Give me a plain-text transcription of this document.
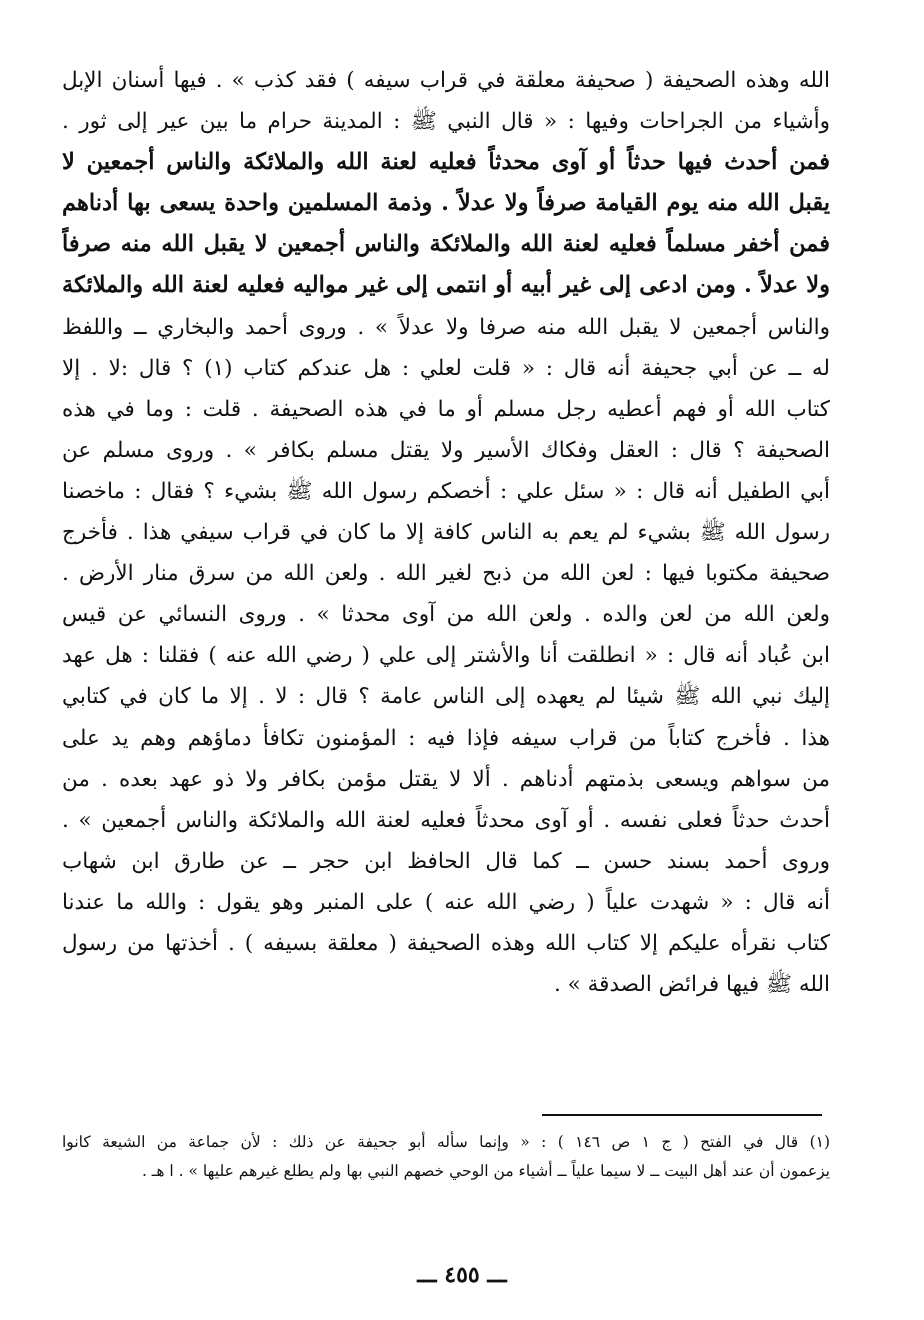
الله وهذه الصحيفة ( صحيفة معلقة في قراب سيفه ) فقد كذب » . فيها أسنان الإبل
وأشياء من الجراحات وفيها : « قال النبي ﷺ : المدينة حرام ما بين عير إلى ثور .
فمن أحدث فيها حدثاً أو آوى محدثاً فعليه لعنة الله والملائكة والناس أجمعين لا
يقبل الله منه يوم القيامة صرفاً ولا عدلاً . وذمة المسلمين واحدة يسعى بها أدناهم
فمن أخفر مسلماً فعليه لعنة الله والملائكة والناس أجمعين لا يقبل الله منه صرفاً
ولا عدلاً . ومن ادعى إلى غير أبيه أو انتمى إلى غير مواليه فعليه لعنة الله والملائكة
والناس أجمعين لا يقبل الله منه صرفا ولا عدلاً » . وروى أحمد والبخاري ــ واللفظ
له ــ عن أبي جحيفة أنه قال : « قلت لعلي : هل عندكم كتاب (١) ؟ قال :لا . إلا
كتاب الله أو فهم أعطيه رجل مسلم أو ما في هذه الصحيفة . قلت : وما في هذه
الصحيفة ؟ قال : العقل وفكاك الأسير ولا يقتل مسلم بكافر » . وروى مسلم عن
أبي الطفيل أنه قال : « سئل علي : أخصكم رسول الله ﷺ بشيء ؟ فقال : ماخصنا
رسول الله ﷺ بشيء لم يعم به الناس كافة إلا ما كان في قراب سيفي هذا . فأخرج
صحيفة مكتوبا فيها : لعن الله من ذبح لغير الله . ولعن الله من سرق منار الأرض .
ولعن الله من لعن والده . ولعن الله من آوى محدثا » . وروى النسائي عن قيس
ابن عُباد أنه قال : « انطلقت أنا والأشتر إلى علي ( رضي الله عنه ) فقلنا : هل عهد
إليك نبي الله ﷺ شيئا لم يعهده إلى الناس عامة ؟ قال : لا . إلا ما كان في كتابي
هذا . فأخرج كتاباً من قراب سيفه فإذا فيه : المؤمنون تكافأ دماؤهم وهم يد على
من سواهم ويسعى بذمتهم أدناهم . ألا لا يقتل مؤمن بكافر ولا ذو عهد بعده . من
أحدث حدثاً فعلى نفسه . أو آوى محدثاً فعليه لعنة الله والملائكة والناس أجمعين » .
وروى أحمد بسند حسن ــ كما قال الحافظ ابن حجر ــ عن طارق ابن شهاب
أنه قال : « شهدت علياً ( رضي الله عنه ) على المنبر وهو يقول : والله ما عندنا
كتاب نقرأه عليكم إلا كتاب الله وهذه الصحيفة ( معلقة بسيفه ) . أخذتها من رسول
الله ﷺ فيها فرائض الصدقة » .
(١) قال في الفتح ( ج ١ ص ١٤٦ ) : « وإنما سأله أبو جحيفة عن ذلك : لأن جماعة من الشيعة كانوا
يزعمون أن عند أهل البيت ــ لا سيما علياً ــ أشياء من الوحي خصهم النبي بها ولم يطلع غيرهم عليها » . ا هـ .
ـــ ٤٥٥ ـــ
